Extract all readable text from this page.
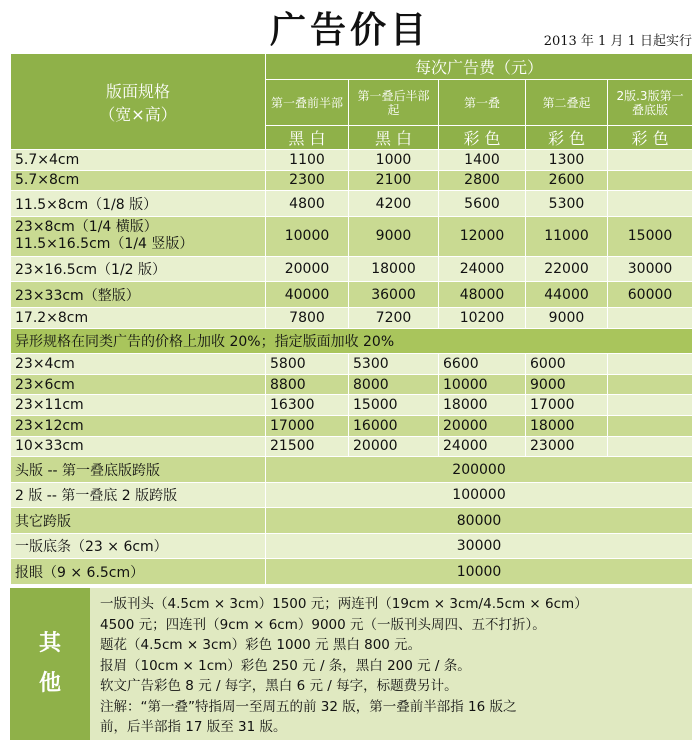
广告价目	2013 年 1 月 1 日起实行
版面规格
（宽×高）	每次广告费（元）				
	第一叠前半部	第一叠后半部起	第一叠	第二叠起	2版.3版第一叠底版
	黑 白	黑 白	彩 色	彩 色	彩 色
5.7×4cm	1100	1000	1400	1300	
5.7×8cm	2300	2100	2800	2600	
11.5×8cm（1/8 版）	4800	4200	5600	5300	

23×8cm（1/4 横版）
11.5×16.5cm（1/4 竖版）	10000	9000	12000	11000	15000
23×16.5cm（1/2 版）	20000	18000	24000	22000	30000
23×33cm（整版）	40000	36000	48000	44000	60000
17.2×8cm	7800	7200	10200	9000	
异形规格在同类广告的价格上加收 20%；指定版面加收 20%					
23×4cm	5800	5300	6600	6000	
23×6cm	8800	8000	10000	9000	
23×11cm	16300	15000	18000	17000	
23×12cm	17000	16000	20000	18000	
10×33cm	21500	20000	24000	23000	
头版 -- 第一叠底版跨版	200000				
2 版 -- 第一叠底 2 版跨版	100000				
其它跨版	80000				
一版底条（23 × 6cm）	30000				
报眼（9 × 6.5cm）	10000				
其
他
一版刊头（4.5cm × 3cm）1500 元；两连刊（19cm × 3cm/4.5cm × 6cm）
4500 元；四连刊（9cm × 6cm）9000 元（一版刊头周四、五不打折）。
题花（4.5cm × 3cm）彩色 1000 元 黑白 800 元。
报眉（10cm × 1cm）彩色 250 元 / 条，黑白 200 元 / 条。
软文广告彩色 8 元 / 每字，黑白 6 元 / 每字，标题费另计。
注解：“第一叠”特指周一至周五的前 32 版，第一叠前半部指 16 版之
前，后半部指 17 版至 31 版。
